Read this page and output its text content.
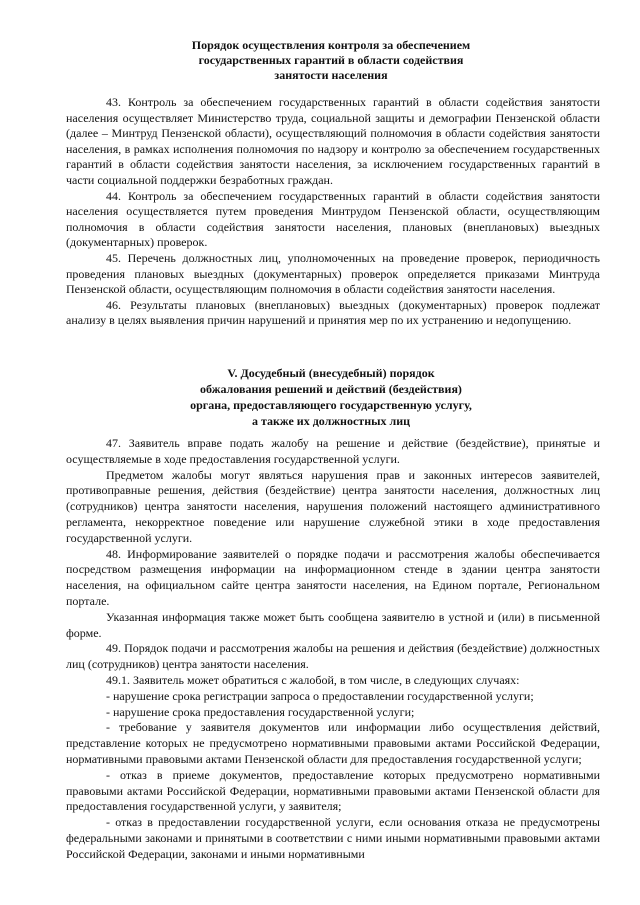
Порядок осуществления контроля за обеспечением
государственных гарантий в области содействия
занятости населения

43. Контроль за обеспечением государственных гарантий в области содействия занятости населения осуществляет Министерство труда, социальной защиты и демографии Пензенской области (далее – Минтруд Пензенской области), осуществляющий полномочия в области содействия занятости населения, в рамках исполнения полномочия по надзору и контролю за обеспечением государственных гарантий в области содействия занятости населения, за исключением государственных гарантий в части социальной поддержки безработных граждан.

44. Контроль за обеспечением государственных гарантий в области содействия занятости населения осуществляется путем проведения Минтрудом Пензенской области, осуществляющим полномочия в области содействия занятости населения, плановых (внеплановых) выездных (документарных) проверок.

45. Перечень должностных лиц, уполномоченных на проведение проверок, периодичность проведения плановых выездных (документарных) проверок определяется приказами Минтруда Пензенской области, осуществляющим полномочия в области содействия занятости населения.

46. Результаты плановых (внеплановых) выездных (документарных) проверок подлежат анализу в целях выявления причин нарушений и принятия мер по их устранению и недопущению.

V. Досудебный (внесудебный) порядок
обжалования решений и действий (бездействия)
органа, предоставляющего государственную услугу,
а также их должностных лиц

47. Заявитель вправе подать жалобу на решение и действие (бездействие), принятые и осуществляемые в ходе предоставления государственной услуги.

Предметом жалобы могут являться нарушения прав и законных интересов заявителей, противоправные решения, действия (бездействие) центра занятости населения, должностных лиц (сотрудников) центра занятости населения, нарушения положений настоящего административного регламента, некорректное поведение или нарушение служебной этики в ходе предоставления государственной услуги.

48. Информирование заявителей о порядке подачи и рассмотрения жалобы обеспечивается посредством размещения информации на информационном стенде в здании центра занятости населения, на официальном сайте центра занятости населения, на Едином портале, Региональном портале.

Указанная информация также может быть сообщена заявителю в устной и (или) в письменной форме.

49. Порядок подачи и рассмотрения жалобы на решения и действия (бездействие) должностных лиц (сотрудников) центра занятости населения.

49.1. Заявитель может обратиться с жалобой, в том числе, в следующих случаях:

- нарушение срока регистрации запроса о предоставлении государственной услуги;

- нарушение срока предоставления государственной услуги;

- требование у заявителя документов или информации либо осуществления действий, представление которых не предусмотрено нормативными правовыми актами Российской Федерации, нормативными правовыми актами Пензенской области для предоставления государственной услуги;

- отказ в приеме документов, предоставление которых предусмотрено нормативными правовыми актами Российской Федерации, нормативными правовыми актами Пензенской области для предоставления государственной услуги, у заявителя;

- отказ в предоставлении государственной услуги, если основания отказа не предусмотрены федеральными законами и принятыми в соответствии с ними иными нормативными правовыми актами Российской Федерации, законами и иными нормативными
